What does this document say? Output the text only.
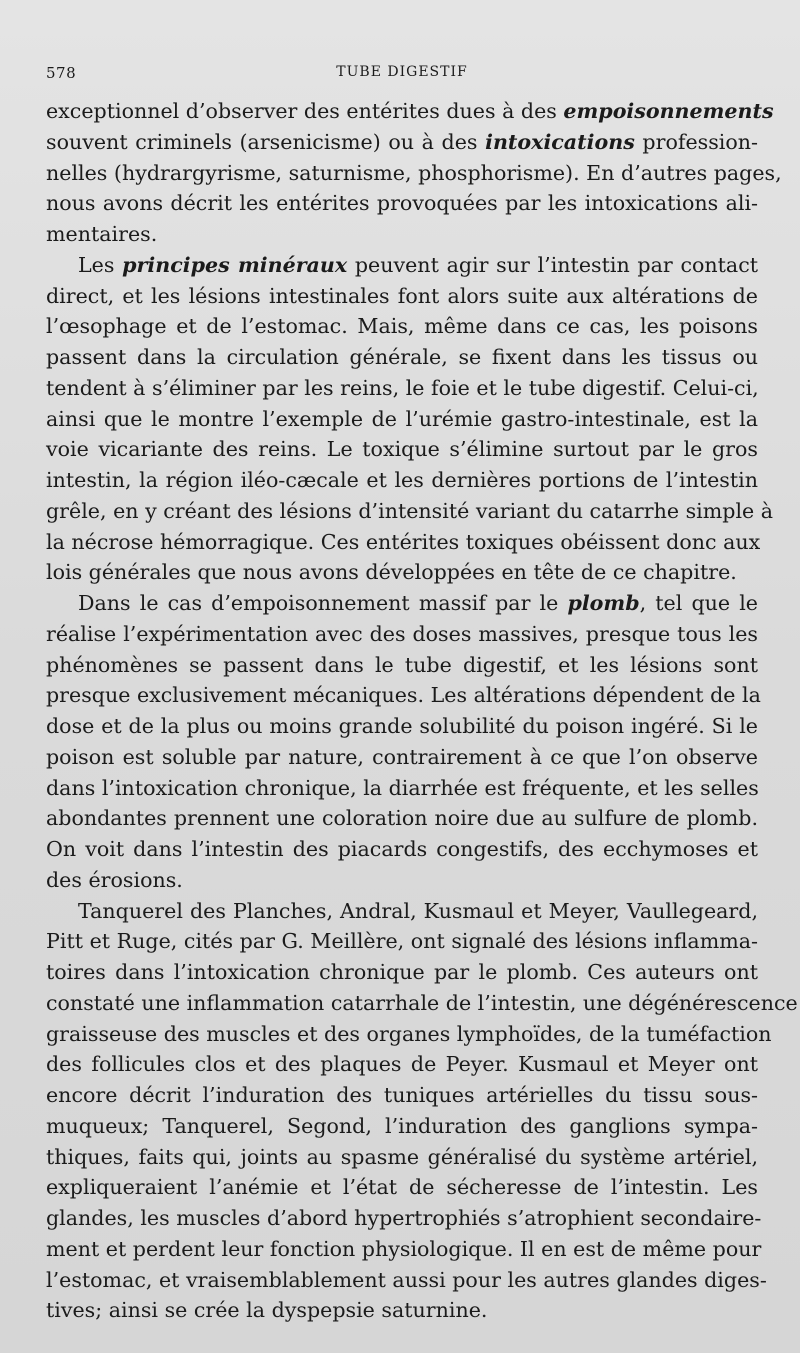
578	TUBE DIGESTIF

exceptionnel d’observer des entérites dues à des empoisonnements
souvent criminels (arsenicisme) ou à des intoxications profession-
nelles (hydrargyrisme, saturnisme, phosphorisme). En d’autres pages,
nous avons décrit les entérites provoquées par les intoxications ali-
mentaires.

Les principes minéraux peuvent agir sur l’intestin par contact
direct, et les lésions intestinales font alors suite aux altérations de
l’œsophage et de l’estomac. Mais, même dans ce cas, les poisons
passent dans la circulation générale, se fixent dans les tissus ou
tendent à s’éliminer par les reins, le foie et le tube digestif. Celui-ci,
ainsi que le montre l’exemple de l’urémie gastro-intestinale, est la
voie vicariante des reins. Le toxique s’élimine surtout par le gros
intestin, la région iléo-cæcale et les dernières portions de l’intestin
grêle, en y créant des lésions d’intensité variant du catarrhe simple à
la nécrose hémorragique. Ces entérites toxiques obéissent donc aux
lois générales que nous avons développées en tête de ce chapitre.

Dans le cas d’empoisonnement massif par le plomb, tel que le
réalise l’expérimentation avec des doses massives, presque tous les
phénomènes se passent dans le tube digestif, et les lésions sont
presque exclusivement mécaniques. Les altérations dépendent de la
dose et de la plus ou moins grande solubilité du poison ingéré. Si le
poison est soluble par nature, contrairement à ce que l’on observe
dans l’intoxication chronique, la diarrhée est fréquente, et les selles
abondantes prennent une coloration noire due au sulfure de plomb.
On voit dans l’intestin des piacards congestifs, des ecchymoses et
des érosions.

Tanquerel des Planches, Andral, Kusmaul et Meyer, Vaullegeard,
Pitt et Ruge, cités par G. Meillère, ont signalé des lésions inflamma-
toires dans l’intoxication chronique par le plomb. Ces auteurs ont
constaté une inflammation catarrhale de l’intestin, une dégénérescence
graisseuse des muscles et des organes lymphoïdes, de la tuméfaction
des follicules clos et des plaques de Peyer. Kusmaul et Meyer ont
encore décrit l’induration des tuniques artérielles du tissu sous-
muqueux; Tanquerel, Segond, l’induration des ganglions sympa-
thiques, faits qui, joints au spasme généralisé du système artériel,
expliqueraient l’anémie et l’état de sécheresse de l’intestin. Les
glandes, les muscles d’abord hypertrophiés s’atrophient secondaire-
ment et perdent leur fonction physiologique. Il en est de même pour
l’estomac, et vraisemblablement aussi pour les autres glandes diges-
tives; ainsi se crée la dyspepsie saturnine.
